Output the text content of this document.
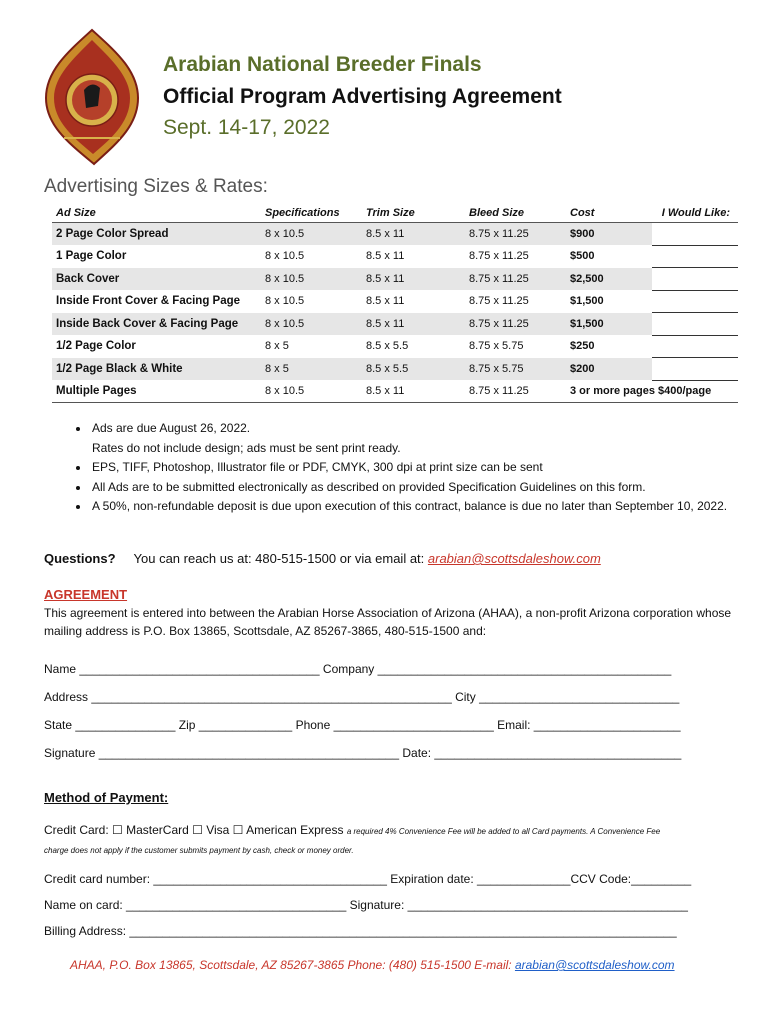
Arabian National Breeder Finals
Official Program Advertising Agreement
Sept. 14-17, 2022
Advertising Sizes & Rates:
Ad Size	Specifications	Trim Size	Bleed Size	Cost	I Would Like:
2 Page Color Spread	8 x 10.5	8.5 x 11	8.75 x 11.25	$900	
1 Page Color	8 x 10.5	8.5 x 11	8.75 x 11.25	$500	
Back Cover	8 x 10.5	8.5 x 11	8.75 x 11.25	$2,500	
Inside Front Cover & Facing Page	8 x 10.5	8.5 x 11	8.75 x 11.25	$1,500	
Inside Back Cover & Facing Page	8 x 10.5	8.5 x 11	8.75 x 11.25	$1,500	
1/2 Page Color	8 x 5	8.5 x 5.5	8.75 x 5.75	$250	
1/2 Page Black & White	8 x 5	8.5 x 5.5	8.75 x 5.75	$200	
Multiple Pages	8 x 10.5	8.5 x 11	8.75 x 11.25	3 or more pages $400/page	
• Ads are due August 26, 2022.
Rates do not include design; ads must be sent print ready.
• EPS, TIFF, Photoshop, Illustrator file or PDF, CMYK, 300 dpi at print size can be sent
• All Ads are to be submitted electronically as described on provided Specification Guidelines on this form.
• A 50%, non-refundable deposit is due upon execution of this contract, balance is due no later than September 10, 2022.
Questions? You can reach us at: 480-515-1500 or via email at: arabian@scottsdaleshow.com
AGREEMENT
This agreement is entered into between the Arabian Horse Association of Arizona (AHAA), a non-profit Arizona corporation whose mailing address is P.O. Box 13865, Scottsdale, AZ 85267-3865, 480-515-1500 and:
Name ____________________________________ Company ____________________________________________
Address ______________________________________________________ City ______________________________
State _______________ Zip ______________ Phone ________________________ Email: ______________________
Signature _____________________________________________ Date: _____________________________________
Method of Payment:
Credit Card: ☐ MasterCard ☐ Visa ☐ American Express a required 4% Convenience Fee will be added to all Card payments. A Convenience Fee
charge does not apply if the customer submits payment by cash, check or money order.
Credit card number: ___________________________________ Expiration date: ______________CCV Code:_________
Name on card: _________________________________ Signature: __________________________________________
Billing Address: __________________________________________________________________________________
AHAA, P.O. Box 13865, Scottsdale, AZ 85267-3865 Phone: (480) 515-1500 E-mail: arabian@scottsdaleshow.com
